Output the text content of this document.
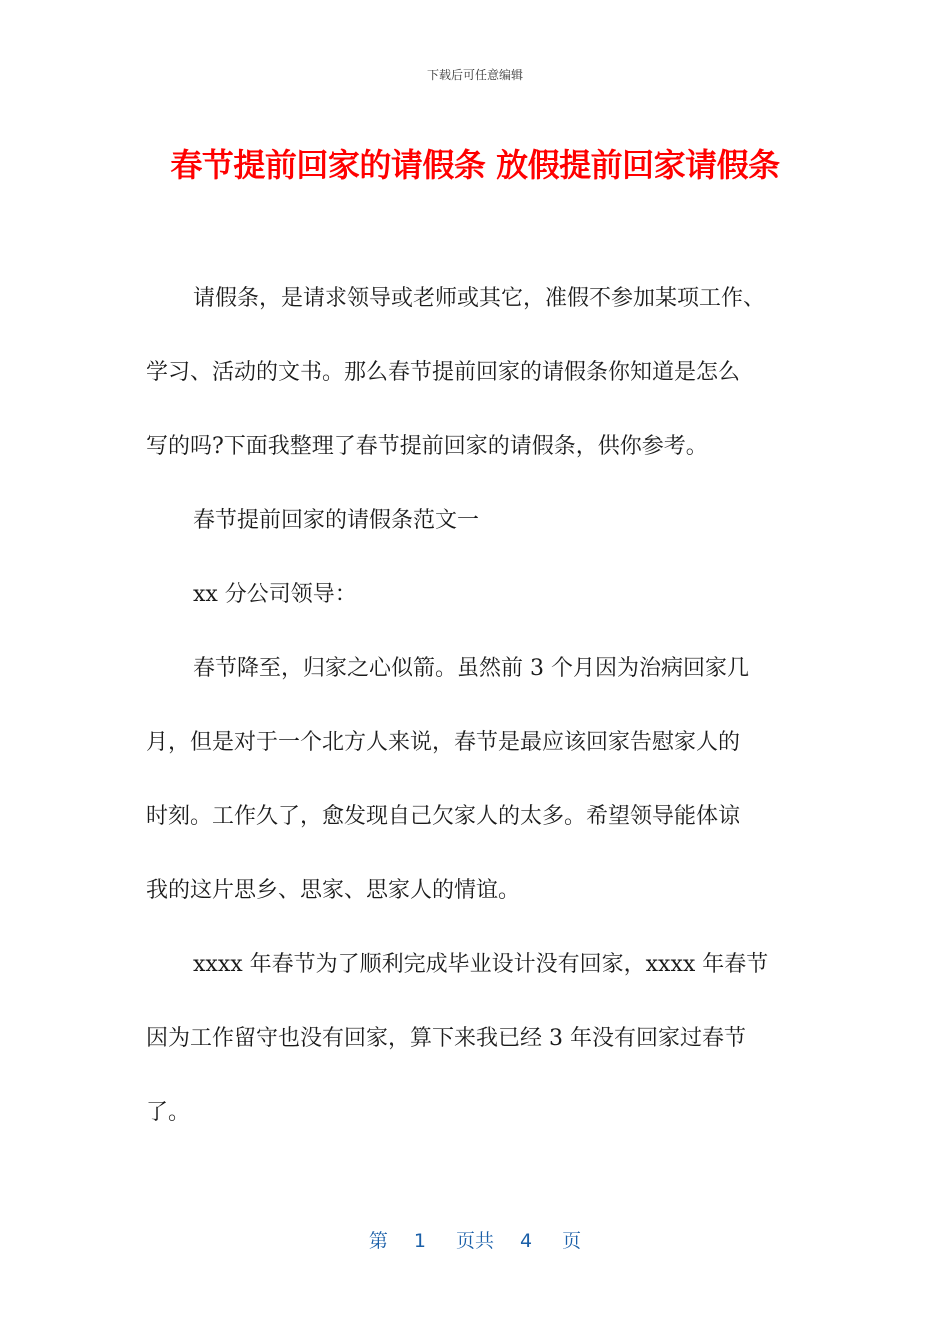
下载后可任意编辑
春节提前回家的请假条 放假提前回家请假条
请假条，是请求领导或老师或其它，准假不参加某项工作、
学习、活动的文书。那么春节提前回家的请假条你知道是怎么
写的吗?下面我整理了春节提前回家的请假条，供你参考。
春节提前回家的请假条范文一
xx 分公司领导：
春节降至，归家之心似箭。虽然前 3 个月因为治病回家几
月，但是对于一个北方人来说，春节是最应该回家告慰家人的
时刻。工作久了，愈发现自己欠家人的太多。希望领导能体谅
我的这片思乡、思家、思家人的情谊。
xxxx 年春节为了顺利完成毕业设计没有回家，xxxx 年春节
因为工作留守也没有回家，算下来我已经 3 年没有回家过春节
了。
第 1 页共 4 页
